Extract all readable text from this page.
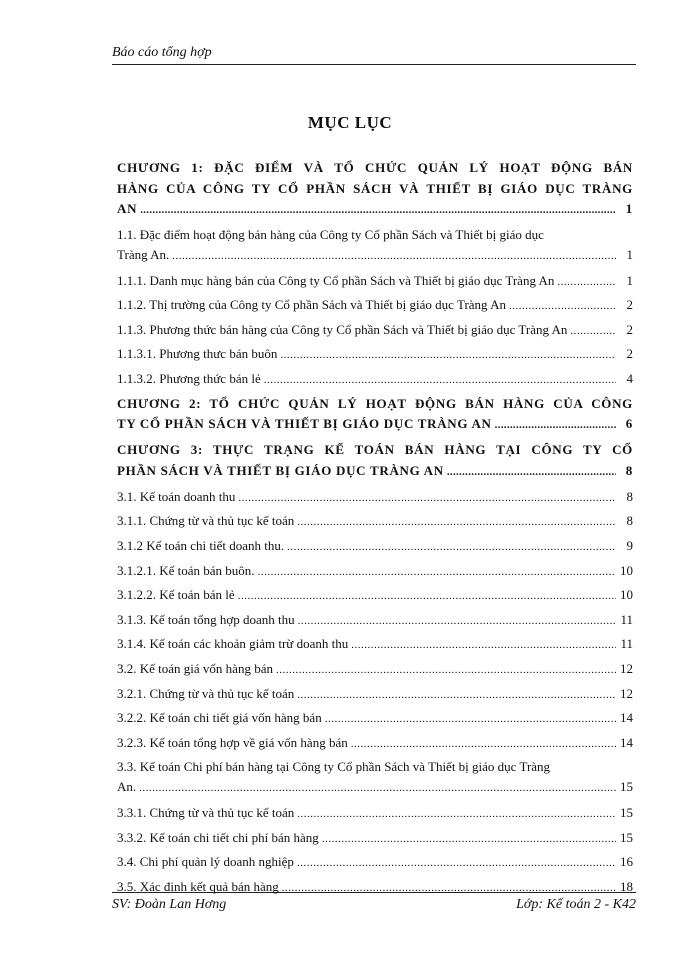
Báo cáo tổng hợp
MỤC LỤC
CHƯƠNG 1: ĐẶC ĐIỂM VÀ TỔ CHỨC QUẢN LÝ HOẠT ĐỘNG BÁN
HÀNG CỦA CÔNG TY CỔ PHẦN SÁCH VÀ THIẾT BỊ GIÁO DỤC TRÀNG
AN .....	1
1.1. Đặc điểm hoạt động bán hàng của Công ty Cổ phần Sách và Thiết bị giáo dục
Tràng An. .....	1
1.1.1. Danh mục hàng bán của Công ty Cổ phần Sách và Thiết bị giáo dục Tràng An .....	1
1.1.2. Thị trường của Công ty Cổ phần Sách và Thiết bị giáo dục Tràng An .....	2
1.1.3. Phương thức bán hàng của Công ty Cổ phần Sách và Thiết bị giáo dục Tràng An .....	2
1.1.3.1. Phương thưc bán buôn .....	2
1.1.3.2. Phương thức bán lẻ .....	4
CHƯƠNG 2: TỔ CHỨC QUẢN LÝ HOẠT ĐỘNG BÁN HÀNG CỦA CÔNG
TY CỔ PHẦN SÁCH VÀ THIẾT BỊ GIÁO DỤC TRÀNG AN .....	6
CHƯƠNG 3: THỰC TRẠNG KẾ TOÁN BÁN HÀNG TẠI CÔNG TY CỔ
PHẦN SÁCH VÀ THIẾT BỊ GIÁO DỤC TRÀNG AN .....	8
3.1. Kế toán doanh thu .....	8
3.1.1. Chứng từ và thủ tục kế toán .....	8
3.1.2 Kế toán chi tiết doanh thu. .....	9
3.1.2.1. Kế toán bán buôn. .....	10
3.1.2.2. Kế toán bán lẻ .....	10
3.1.3. Kế toán tổng hợp doanh thu .....	11
3.1.4. Kế toán các khoản giảm trừ doanh thu .....	11
3.2. Kế toán giá vốn hàng bán .....	12
3.2.1. Chứng từ và thủ tục kế toán .....	12
3.2.2. Kế toán chi tiết giá vốn hàng bán .....	14
3.2.3. Kế toán tổng hợp về giá vốn hàng bán .....	14
3.3. Kế toán Chi phí bán hàng tại Công ty Cổ phần Sách và Thiết bị giáo dục Tràng
An. .....	15
3.3.1. Chứng từ và thủ tục kế toán .....	15
3.3.2. Kế toán chi tiết chi phí bán hàng .....	15
3.4. Chi phí quản lý doanh nghiệp .....	16
3.5. Xác định kết quả bán hàng .....	18
SV: Đoàn Lan Hơng	Lớp: Kế toán 2 - K42
